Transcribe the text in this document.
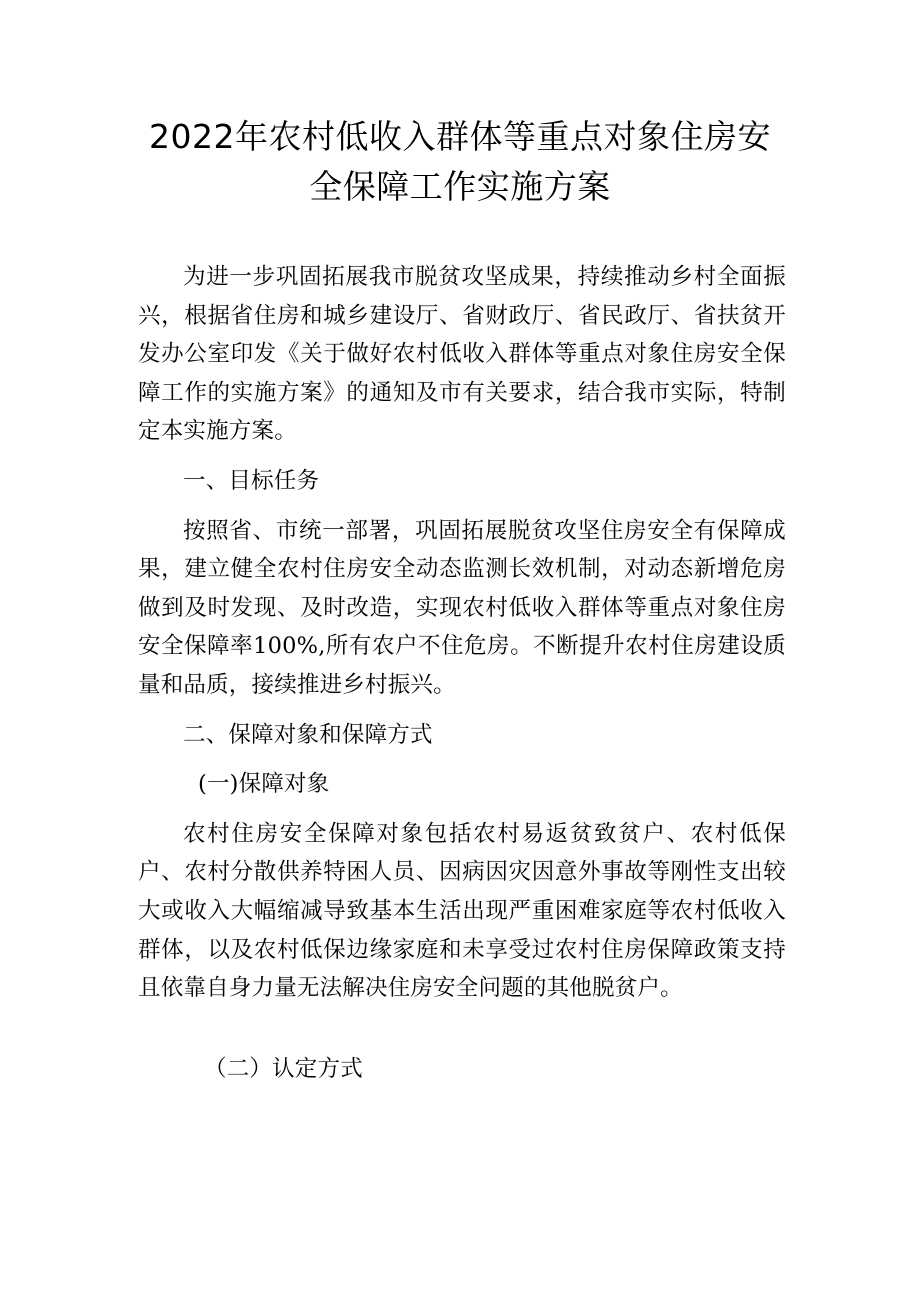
2022年农村低收入群体等重点对象住房安
全保障工作实施方案

为进一步巩固拓展我市脱贫攻坚成果，持续推动乡村全面振兴，根据省住房和城乡建设厅、省财政厅、省民政厅、省扶贫开发办公室印发《关于做好农村低收入群体等重点对象住房安全保障工作的实施方案》的通知及市有关要求，结合我市实际，特制定本实施方案。

一、目标任务

按照省、市统一部署，巩固拓展脱贫攻坚住房安全有保障成果，建立健全农村住房安全动态监测长效机制，对动态新增危房做到及时发现、及时改造，实现农村低收入群体等重点对象住房安全保障率100%,所有农户不住危房。不断提升农村住房建设质量和品质，接续推进乡村振兴。

二、保障对象和保障方式

(一)保障对象

农村住房安全保障对象包括农村易返贫致贫户、农村低保户、农村分散供养特困人员、因病因灾因意外事故等刚性支出较大或收入大幅缩减导致基本生活出现严重困难家庭等农村低收入群体，以及农村低保边缘家庭和未享受过农村住房保障政策支持且依靠自身力量无法解决住房安全问题的其他脱贫户。

（二）认定方式
